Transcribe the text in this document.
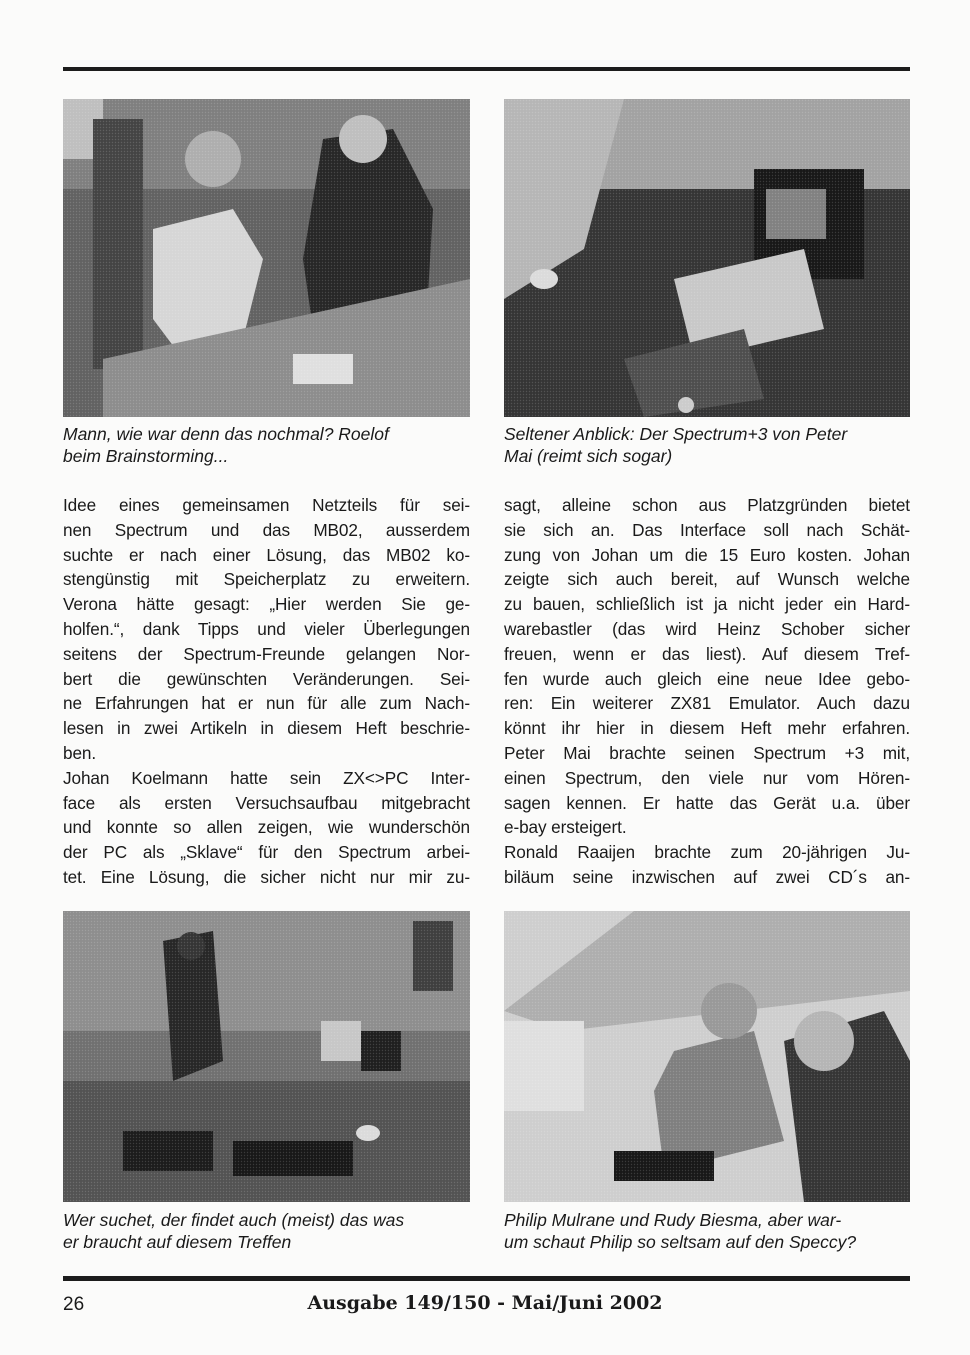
Mann, wie war denn das nochmal? Roelof
beim Brainstorming...
Seltener Anblick: Der Spectrum+3 von Peter
Mai (reimt sich sogar)
Idee eines gemeinsamen Netzteils für sei-
nen Spectrum und das MB02, ausserdem
suchte er nach einer Lösung, das MB02 ko-
stengünstig mit Speicherplatz zu erweitern.
Verona hätte gesagt: „Hier werden Sie ge-
holfen.“, dank Tipps und vieler Überlegungen
seitens der Spectrum-Freunde gelangen Nor-
bert die gewünschten Veränderungen. Sei-
ne Erfahrungen hat er nun für alle zum Nach-
lesen in zwei Artikeln in diesem Heft beschrie-
ben.
Johan Koelmann hatte sein ZX<>PC Inter-
face als ersten Versuchsaufbau mitgebracht
und konnte so allen zeigen, wie wunderschön
der PC als „Sklave“ für den Spectrum arbei-
tet. Eine Lösung, die sicher nicht nur mir zu-
sagt, alleine schon aus Platzgründen bietet
sie sich an. Das Interface soll nach Schät-
zung von Johan um die 15 Euro kosten. Johan
zeigte sich auch bereit, auf Wunsch welche
zu bauen, schließlich ist ja nicht jeder ein Hard-
warebastler (das wird Heinz Schober sicher
freuen, wenn er das liest). Auf diesem Tref-
fen wurde auch gleich eine neue Idee gebo-
ren: Ein weiterer ZX81 Emulator. Auch dazu
könnt ihr hier in diesem Heft mehr erfahren.
Peter Mai brachte seinen Spectrum +3 mit,
einen Spectrum, den viele nur vom Hören-
sagen kennen. Er hatte das Gerät u.a. über
e-bay ersteigert.
Ronald Raaijen brachte zum 20-jährigen Ju-
biläum seine inzwischen auf zwei CD´s an-
Wer suchet, der findet auch (meist) das was
er braucht auf diesem Treffen
Philip Mulrane und Rudy Biesma, aber war-
um schaut Philip so seltsam auf den Speccy?
26	Ausgabe 149/150 - Mai/Juni 2002
